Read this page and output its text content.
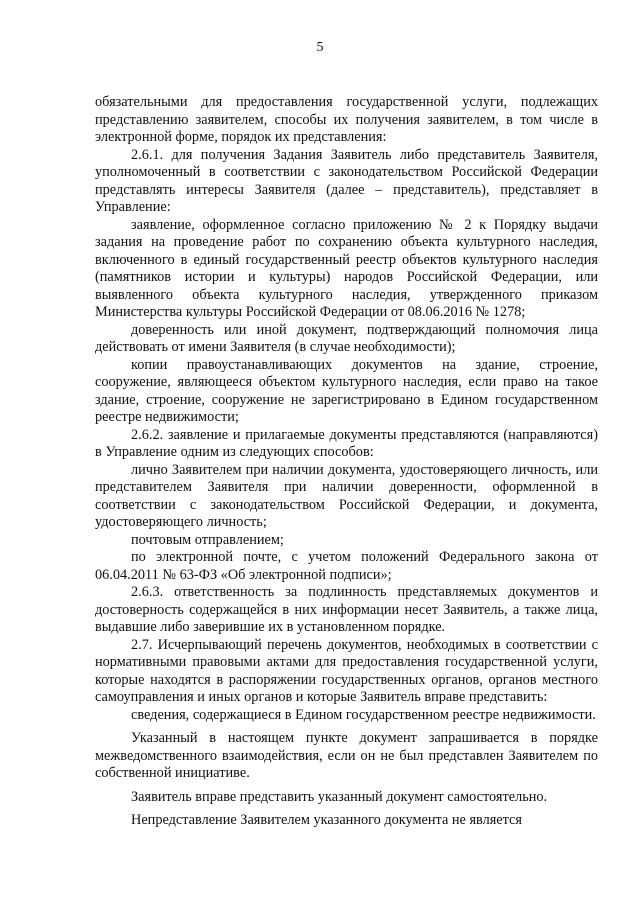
5

обязательными для предоставления государственной услуги, подлежащих представлению заявителем, способы их получения заявителем, в том числе в электронной форме, порядок их представления:

2.6.1. для получения Задания Заявитель либо представитель Заявителя, уполномоченный в соответствии с законодательством Российской Федерации представлять интересы Заявителя (далее – представитель), представляет в Управление:

заявление, оформленное согласно приложению № 2 к Порядку выдачи задания на проведение работ по сохранению объекта культурного наследия, включенного в единый государственный реестр объектов культурного наследия (памятников истории и культуры) народов Российской Федерации, или выявленного объекта культурного наследия, утвержденного приказом Министерства культуры Российской Федерации от 08.06.2016 № 1278;

доверенность или иной документ, подтверждающий полномочия лица действовать от имени Заявителя (в случае необходимости);

копии правоустанавливающих документов на здание, строение, сооружение, являющееся объектом культурного наследия, если право на такое здание, строение, сооружение не зарегистрировано в Едином государственном реестре недвижимости;

2.6.2. заявление и прилагаемые документы представляются (направляются) в Управление одним из следующих способов:

лично Заявителем при наличии документа, удостоверяющего личность, или представителем Заявителя при наличии доверенности, оформленной в соответствии с законодательством Российской Федерации, и документа, удостоверяющего личность;

почтовым отправлением;

по электронной почте, с учетом положений Федерального закона от 06.04.2011 № 63-ФЗ «Об электронной подписи»;

2.6.3. ответственность за подлинность представляемых документов и достоверность содержащейся в них информации несет Заявитель, а также лица, выдавшие либо заверившие их в установленном порядке.

2.7. Исчерпывающий перечень документов, необходимых в соответствии с нормативными правовыми актами для предоставления государственной услуги, которые находятся в распоряжении государственных органов, органов местного самоуправления и иных органов и которые Заявитель вправе представить:

сведения, содержащиеся в Едином государственном реестре недвижимости.

Указанный в настоящем пункте документ запрашивается в порядке межведомственного взаимодействия, если он не был представлен Заявителем по собственной инициативе.

Заявитель вправе представить указанный документ самостоятельно.

Непредставление Заявителем указанного документа не является
